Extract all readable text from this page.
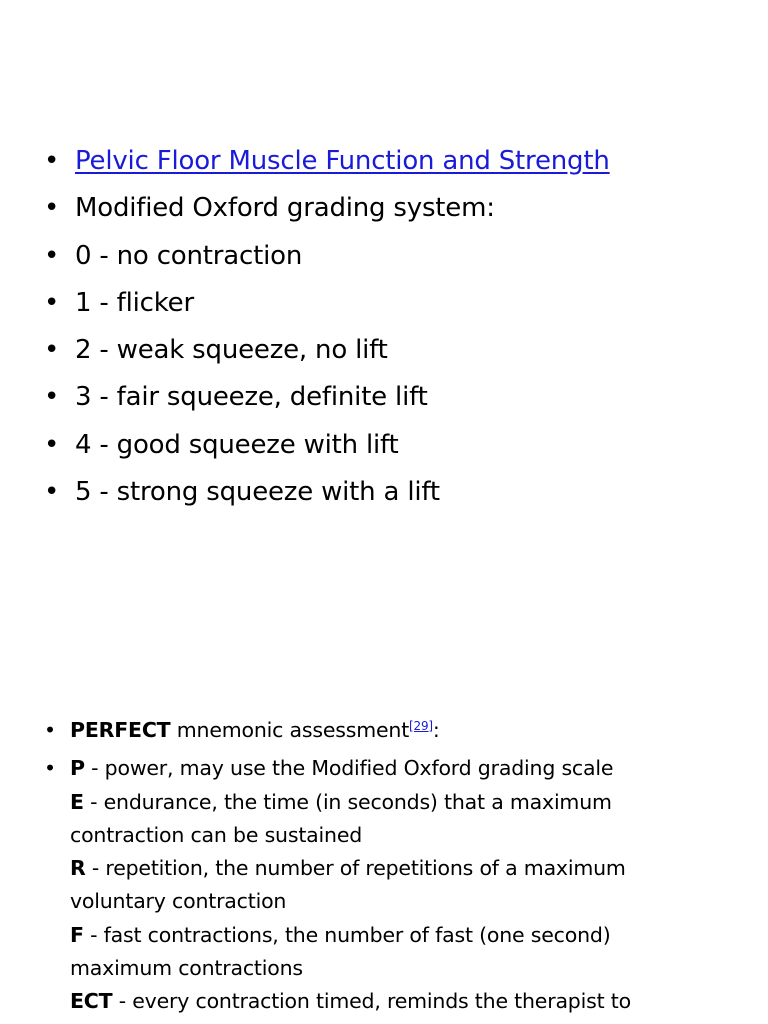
• Pelvic Floor Muscle Function and Strength
• Modified Oxford grading system:
• 0 - no contraction
• 1 - flicker
• 2 - weak squeeze, no lift
• 3 - fair squeeze, definite lift
• 4 - good squeeze with lift
• 5 - strong squeeze with a lift
• PERFECT mnemonic assessment[29]:
• P - power, may use the Modified Oxford grading scale
E - endurance, the time (in seconds) that a maximum
contraction can be sustained
R - repetition, the number of repetitions of a maximum
voluntary contraction
F - fast contractions, the number of fast (one second)
maximum contractions
ECT - every contraction timed, reminds the therapist to
